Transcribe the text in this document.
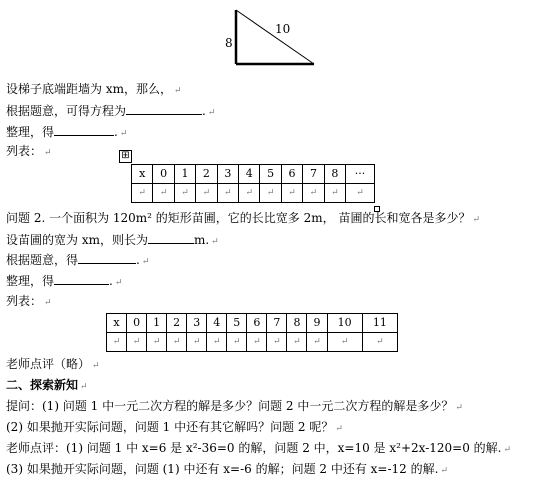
8
10
设梯子底端距墙为 xm，那么， ↵
根据题意，可得方程为	. ↵
整理，得	. ↵
列表： ↵	⊞
x	0	1	2	3	4	5	6	7	8	···
↵	↵	↵	↵	↵	↵	↵	↵	↵	↵	↵
问题 2. 一个面积为 120m² 的矩形苗圃，它的长比宽多 2m， 苗圃的长和宽各是多少？ ↵
设苗圃的宽为 xm，则长为	m. ↵
根据题意，得	. ↵
整理，得	. ↵
列表： ↵
x	0	1	2	3	4	5	6	7	8	9	10	11
↵	↵	↵	↵	↵	↵	↵	↵	↵	↵	↵	↵	↵
老师点评（略） ↵
二、探索新知 ↵
提问：(1) 问题 1 中一元二次方程的解是多少？问题 2 中一元二次方程的解是多少？ ↵
(2) 如果抛开实际问题，问题 1 中还有其它解吗？问题 2 呢？ ↵
老师点评：(1) 问题 1 中 x=6 是 x²-36=0 的解，问题 2 中，x=10 是 x²+2x-120=0 的解. ↵
(3) 如果抛开实际问题，问题 (1) 中还有 x=-6 的解；问题 2 中还有 x=-12 的解. ↵
